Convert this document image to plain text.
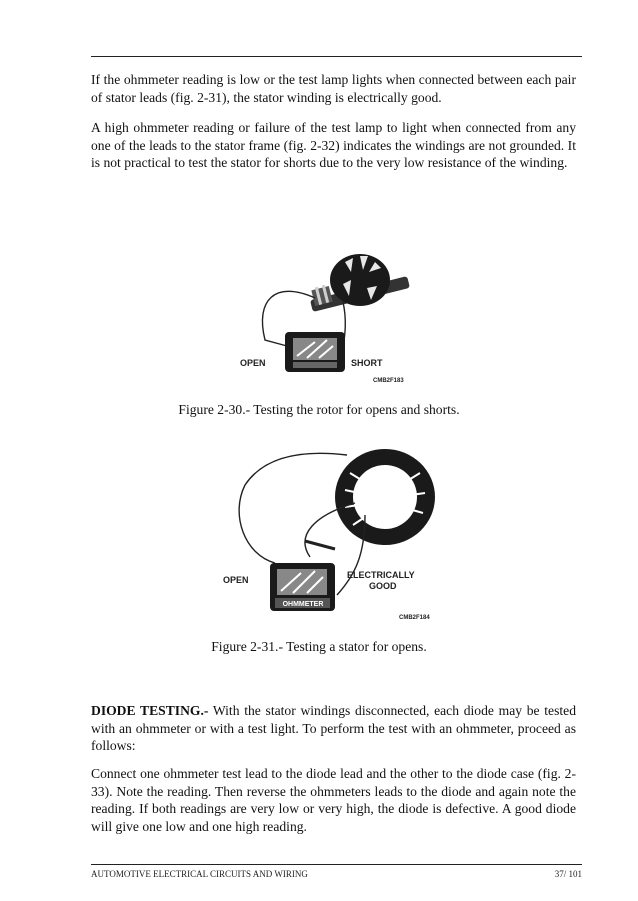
If the ohmmeter reading is low or the test lamp lights when connected between each pair of stator leads (fig. 2-31), the stator winding is electrically good.

A high ohmmeter reading or failure of the test lamp to light when connected from any one of the leads to the stator frame (fig. 2-32) indicates the windings are not grounded. It is not practical to test the stator for shorts due to the very low resistance of the winding.

OPEN	SHORT
CMB2F183

Figure 2-30.- Testing the rotor for opens and shorts.

OHMMETER
OPEN	ELECTRICALLY
GOOD
CMB2F184

Figure 2-31.- Testing a stator for opens.

DIODE TESTING.- With the stator windings disconnected, each diode may be tested with an ohmmeter or with a test light. To perform the test with an ohmmeter, proceed as follows:

Connect one ohmmeter test lead to the diode lead and the other to the diode case (fig. 2-33). Note the reading. Then reverse the ohmmeters leads to the diode and again note the reading. If both readings are very low or very high, the diode is defective. A good diode will give one low and one high reading.

AUTOMOTIVE ELECTRICAL CIRCUITS AND WIRING	37/ 101
